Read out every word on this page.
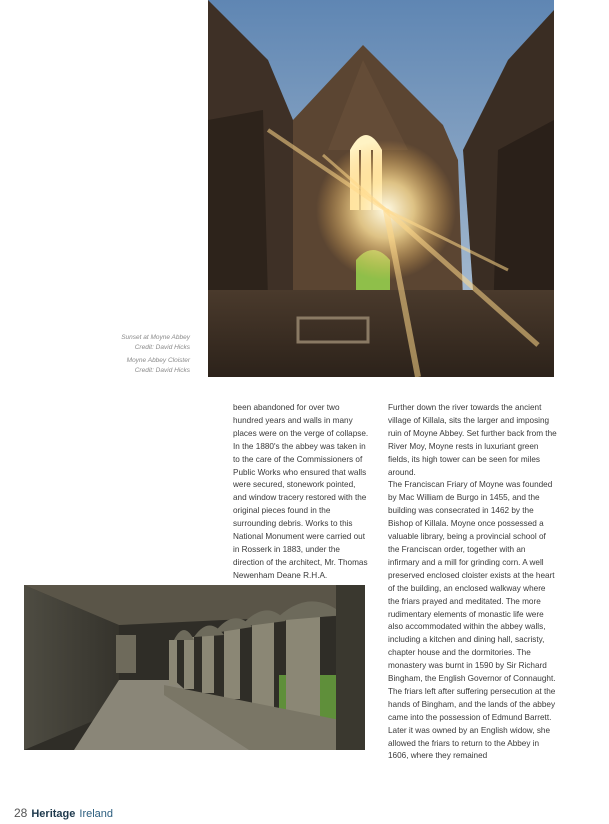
Sunset at Moyne Abbey
Credit: David Hicks
Moyne Abbey Cloister
Credit: David Hicks

been abandoned for over two hundred years and walls in many places were on the verge of collapse. In the 1880's the abbey was taken in to the care of the Commissioners of Public Works who ensured that walls were secured, stonework pointed, and window tracery restored with the original pieces found in the surrounding debris. Works to this National Monument were carried out in Rosserk in 1883, under the direction of the architect, Mr. Thomas Newenham Deane R.H.A.

Further down the river towards the ancient village of Killala, sits the larger and imposing ruin of Moyne Abbey. Set further back from the River Moy, Moyne rests in luxuriant green fields, its high tower can be seen for miles around.

The Franciscan Friary of Moyne was founded by Mac William de Burgo in 1455, and the building was consecrated in 1462 by the Bishop of Killala. Moyne once possessed a valuable library, being a provincial school of the Franciscan order, together with an infirmary and a mill for grinding corn. A well preserved enclosed cloister exists at the heart of the building, an enclosed walkway where the friars prayed and meditated. The more rudimentary elements of monastic life were also accommodated within the abbey walls, including a kitchen and dining hall, sacristy, chapter house and the dormitories. The monastery was burnt in 1590 by Sir Richard Bingham, the English Governor of Connaught. The friars left after suffering persecution at the hands of Bingham, and the lands of the abbey came into the possession of Edmund Barrett. Later it was owned by an English widow, she allowed the friars to return to the Abbey in 1606, where they remained

28 Heritage Ireland
